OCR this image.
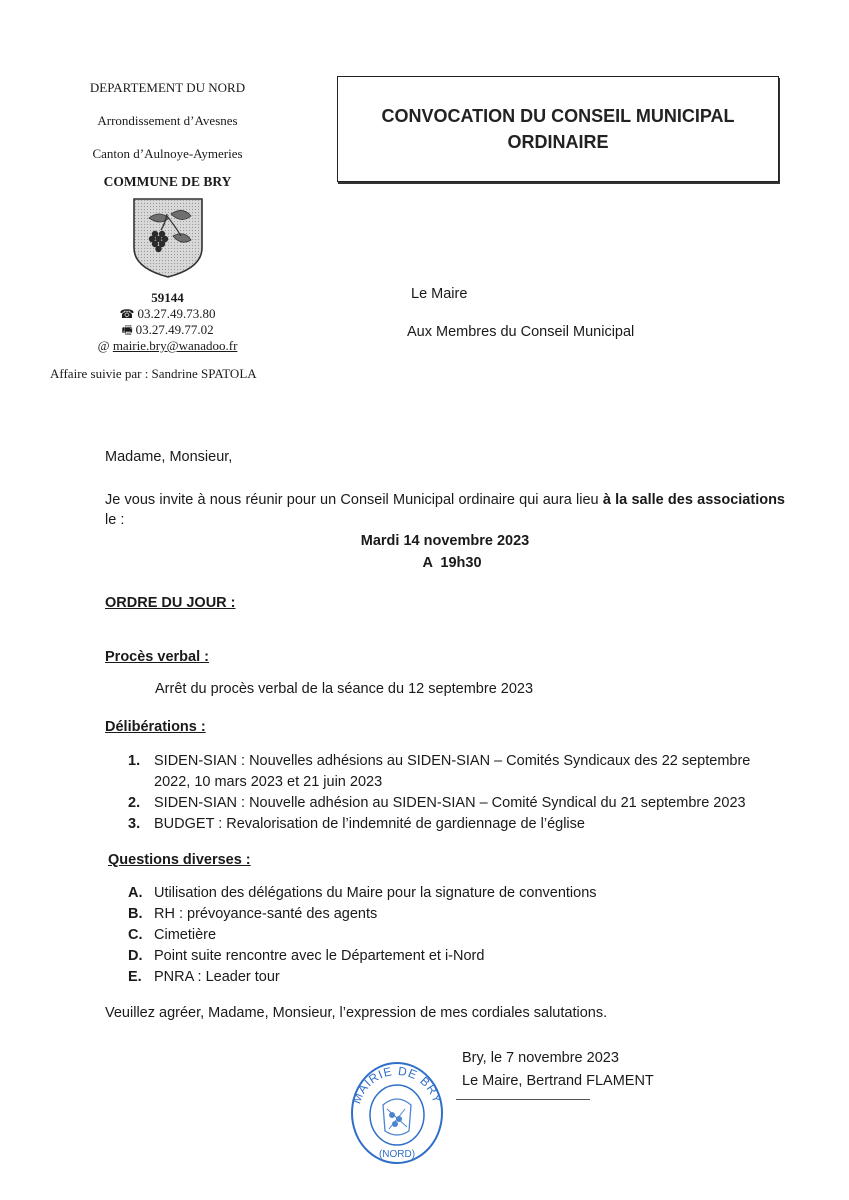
DEPARTEMENT DU NORD
Arrondissement d’Avesnes
Canton d’Aulnoye-Aymeries
COMMUNE DE BRY
59144
☎ 03.27.49.73.80
🖷 03.27.49.77.02
@ mairie.bry@wanadoo.fr
Affaire suivie par : Sandrine SPATOLA
CONVOCATION DU CONSEIL MUNICIPAL
ORDINAIRE
Le Maire
Aux Membres du Conseil Municipal
Madame, Monsieur,
Je vous invite à nous réunir pour un Conseil Municipal ordinaire qui aura lieu à la salle des associations le :
Mardi 14 novembre 2023
A  19h30
ORDRE DU JOUR :
Procès verbal :
Arrêt du procès verbal de la séance du 12 septembre 2023
Délibérations :
1. SIDEN-SIAN : Nouvelles adhésions au SIDEN-SIAN – Comités Syndicaux des 22 septembre 2022, 10 mars 2023 et 21 juin 2023
2. SIDEN-SIAN : Nouvelle adhésion au SIDEN-SIAN – Comité Syndical du 21 septembre 2023
3. BUDGET : Revalorisation de l’indemnité de gardiennage de l’église
Questions diverses :
A. Utilisation des délégations du Maire pour la signature de conventions
B. RH : prévoyance-santé des agents
C. Cimetière
D. Point suite rencontre avec le Département et i-Nord
E. PNRA : Leader tour
Veuillez agréer, Madame, Monsieur, l’expression de mes cordiales salutations.
MAIRIE DE BRY
(NORD)
Bry, le 7 novembre 2023
Le Maire, Bertrand FLAMENT
